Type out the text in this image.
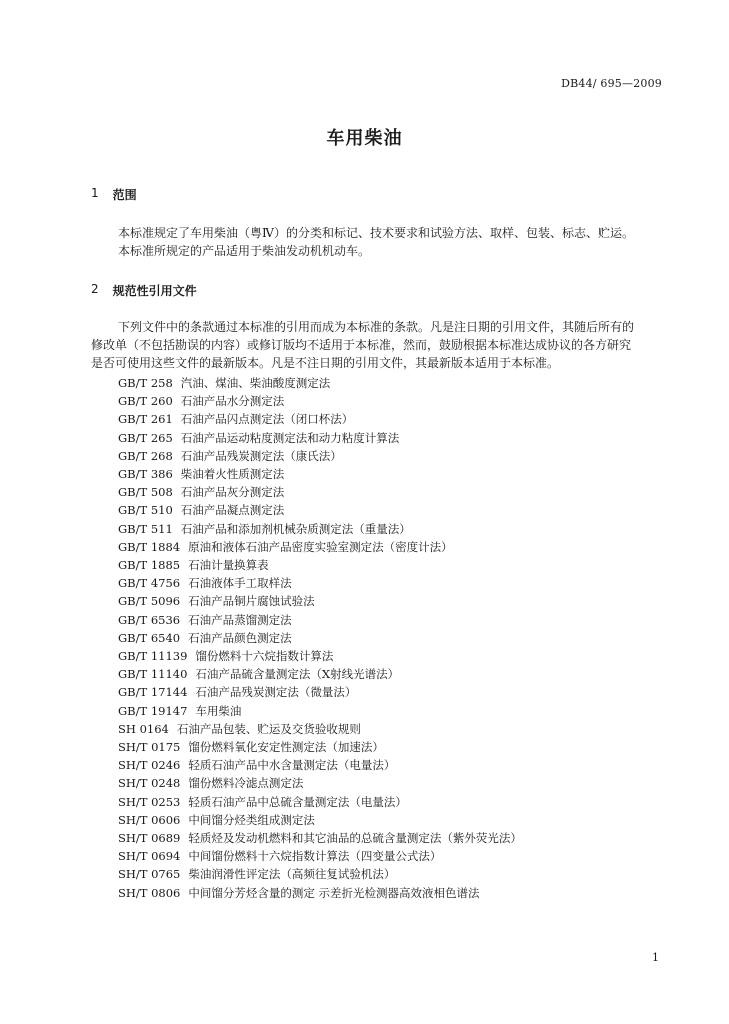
DB44/ 695—2009
车用柴油
1 范围
本标准规定了车用柴油（粤Ⅳ）的分类和标记、技术要求和试验方法、取样、包装、标志、贮运。
本标准所规定的产品适用于柴油发动机机动车。
2 规范性引用文件
下列文件中的条款通过本标准的引用而成为本标准的条款。凡是注日期的引用文件，其随后所有的
修改单（不包括勘误的内容）或修订版均不适用于本标准，然而，鼓励根据本标准达成协议的各方研究
是否可使用这些文件的最新版本。凡是不注日期的引用文件，其最新版本适用于本标准。
GB/T 258 汽油、煤油、柴油酸度测定法
GB/T 260 石油产品水分测定法
GB/T 261 石油产品闪点测定法（闭口杯法）
GB/T 265 石油产品运动粘度测定法和动力粘度计算法
GB/T 268 石油产品残炭测定法（康氏法）
GB/T 386 柴油着火性质测定法
GB/T 508 石油产品灰分测定法
GB/T 510 石油产品凝点测定法
GB/T 511 石油产品和添加剂机械杂质测定法（重量法）
GB/T 1884 原油和液体石油产品密度实验室测定法（密度计法）
GB/T 1885 石油计量换算表
GB/T 4756 石油液体手工取样法
GB/T 5096 石油产品铜片腐蚀试验法
GB/T 6536 石油产品蒸馏测定法
GB/T 6540 石油产品颜色测定法
GB/T 11139 馏份燃料十六烷指数计算法
GB/T 11140 石油产品硫含量测定法（X射线光谱法）
GB/T 17144 石油产品残炭测定法（微量法）
GB/T 19147 车用柴油
SH 0164 石油产品包装、贮运及交货验收规则
SH/T 0175 馏份燃料氧化安定性测定法（加速法）
SH/T 0246 轻质石油产品中水含量测定法（电量法）
SH/T 0248 馏份燃料冷滤点测定法
SH/T 0253 轻质石油产品中总硫含量测定法（电量法）
SH/T 0606 中间馏分烃类组成测定法
SH/T 0689 轻质烃及发动机燃料和其它油品的总硫含量测定法（紫外荧光法）
SH/T 0694 中间馏份燃料十六烷指数计算法（四变量公式法）
SH/T 0765 柴油润滑性评定法（高频往复试验机法）
SH/T 0806 中间馏分芳烃含量的测定 示差折光检测器高效液相色谱法
1
